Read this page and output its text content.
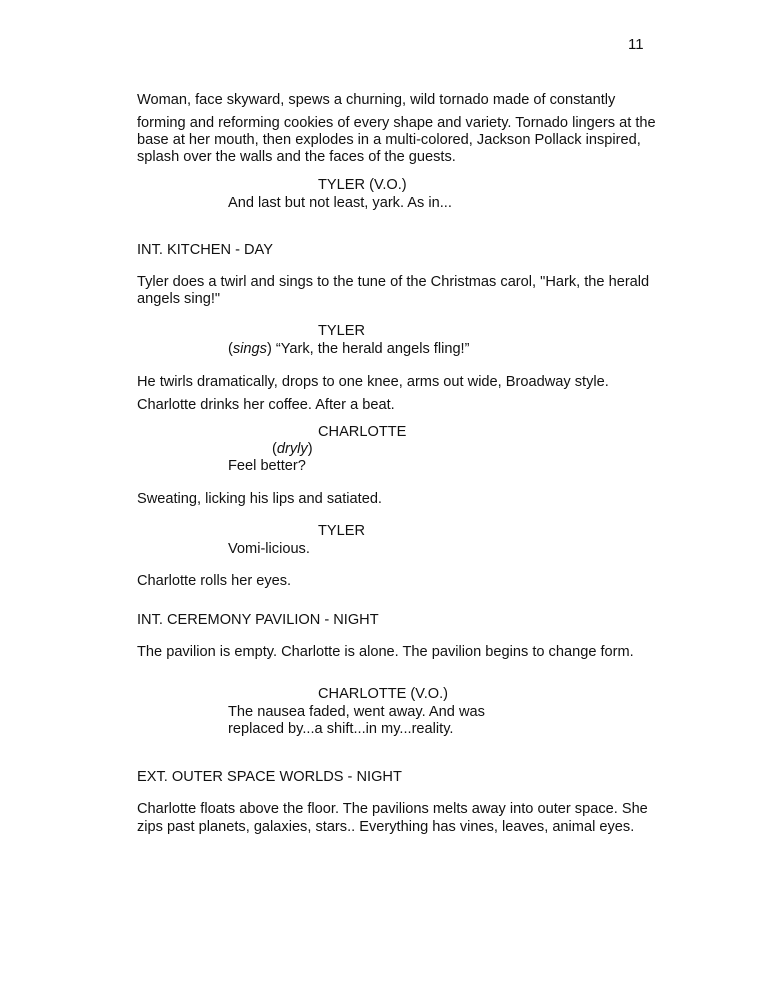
11
Woman, face skyward, spews a churning, wild tornado made of constantly
forming and reforming cookies of every shape and variety. Tornado lingers at the
base at her mouth, then explodes in a multi-colored, Jackson Pollack inspired,
splash over the walls and the faces of the guests.
TYLER (V.O.)
And last but not least, yark. As in...
INT. KITCHEN - DAY
Tyler does a twirl and sings to the tune of the Christmas carol, "Hark, the herald
angels sing!"
TYLER
(sings) “Yark, the herald angels fling!”
He twirls dramatically, drops to one knee, arms out wide, Broadway style.
Charlotte drinks her coffee. After a beat.
CHARLOTTE
(dryly)
Feel better?
Sweating, licking his lips and satiated.
TYLER
Vomi-licious.
Charlotte rolls her eyes.
INT. CEREMONY PAVILION - NIGHT
The pavilion is empty. Charlotte is alone. The pavilion begins to change form.
CHARLOTTE (V.O.)
The nausea faded, went away. And was
replaced by...a shift...in my...reality.
EXT. OUTER SPACE WORLDS - NIGHT
Charlotte floats above the floor. The pavilions melts away into outer space. She
zips past planets, galaxies, stars.. Everything has vines, leaves, animal eyes.
